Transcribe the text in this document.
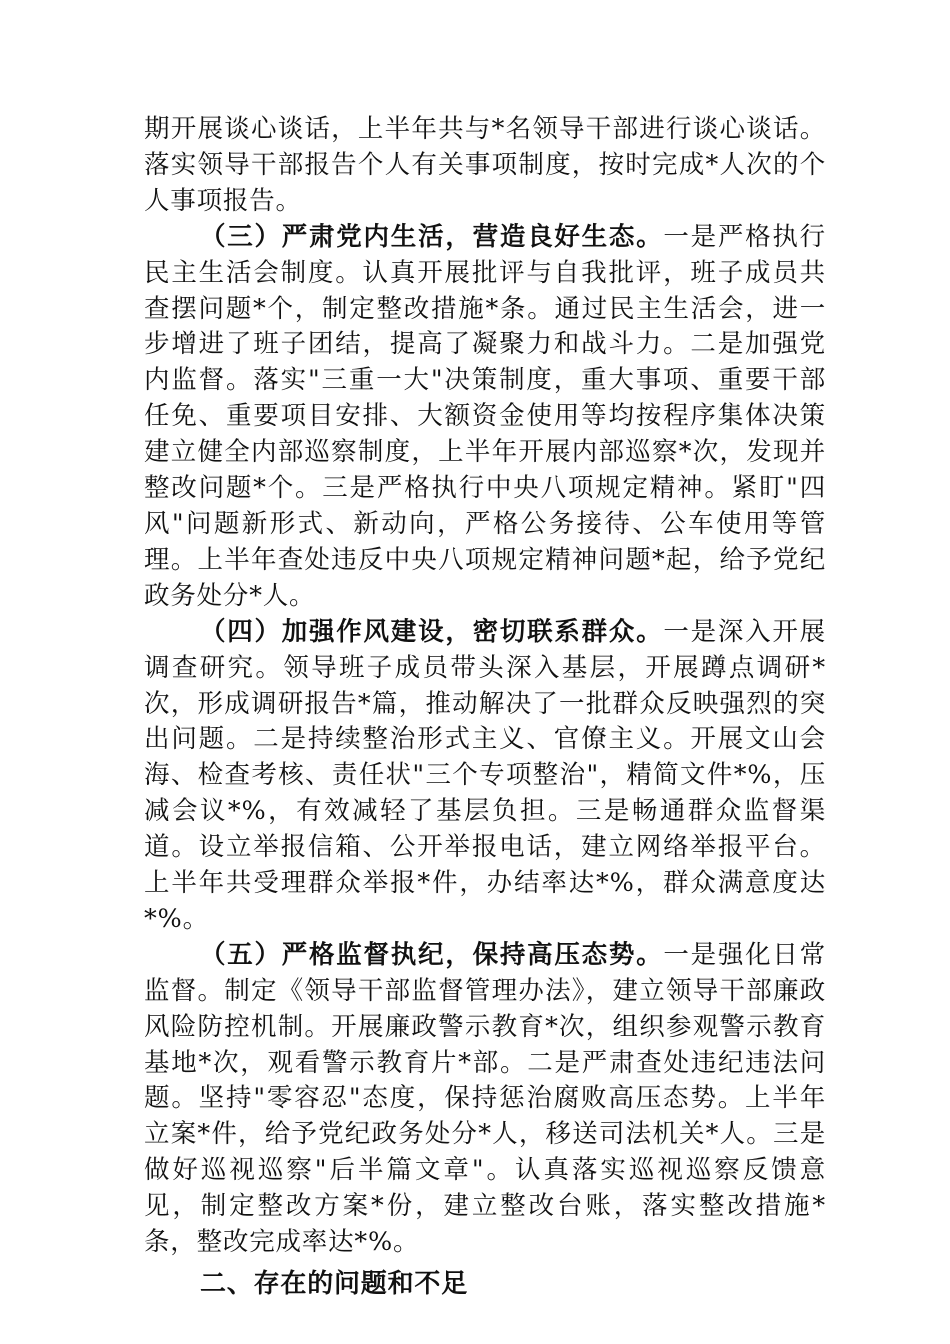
期开展谈心谈话，上半年共与*名领导干部进行谈心谈话。落实领导干部报告个人有关事项制度，按时完成*人次的个人事项报告。

（三）严肃党内生活，营造良好生态。一是严格执行民主生活会制度。认真开展批评与自我批评，班子成员共查摆问题*个，制定整改措施*条。通过民主生活会，进一步增进了班子团结，提高了凝聚力和战斗力。二是加强党内监督。落实"三重一大"决策制度，重大事项、重要干部任免、重要项目安排、大额资金使用等均按程序集体决策建立健全内部巡察制度，上半年开展内部巡察*次，发现并整改问题*个。三是严格执行中央八项规定精神。紧盯"四风"问题新形式、新动向，严格公务接待、公车使用等管理。上半年查处违反中央八项规定精神问题*起，给予党纪政务处分*人。

（四）加强作风建设，密切联系群众。一是深入开展调查研究。领导班子成员带头深入基层，开展蹲点调研*次，形成调研报告*篇，推动解决了一批群众反映强烈的突出问题。二是持续整治形式主义、官僚主义。开展文山会海、检查考核、责任状"三个专项整治"，精简文件*%，压减会议*%，有效减轻了基层负担。三是畅通群众监督渠道。设立举报信箱、公开举报电话，建立网络举报平台。上半年共受理群众举报*件，办结率达*%，群众满意度达*%。

（五）严格监督执纪，保持高压态势。一是强化日常监督。制定《领导干部监督管理办法》，建立领导干部廉政风险防控机制。开展廉政警示教育*次，组织参观警示教育基地*次，观看警示教育片*部。二是严肃查处违纪违法问题。坚持"零容忍"态度，保持惩治腐败高压态势。上半年立案*件，给予党纪政务处分*人，移送司法机关*人。三是做好巡视巡察"后半篇文章"。认真落实巡视巡察反馈意见，制定整改方案*份，建立整改台账，落实整改措施*条，整改完成率达*%。

二、存在的问题和不足
